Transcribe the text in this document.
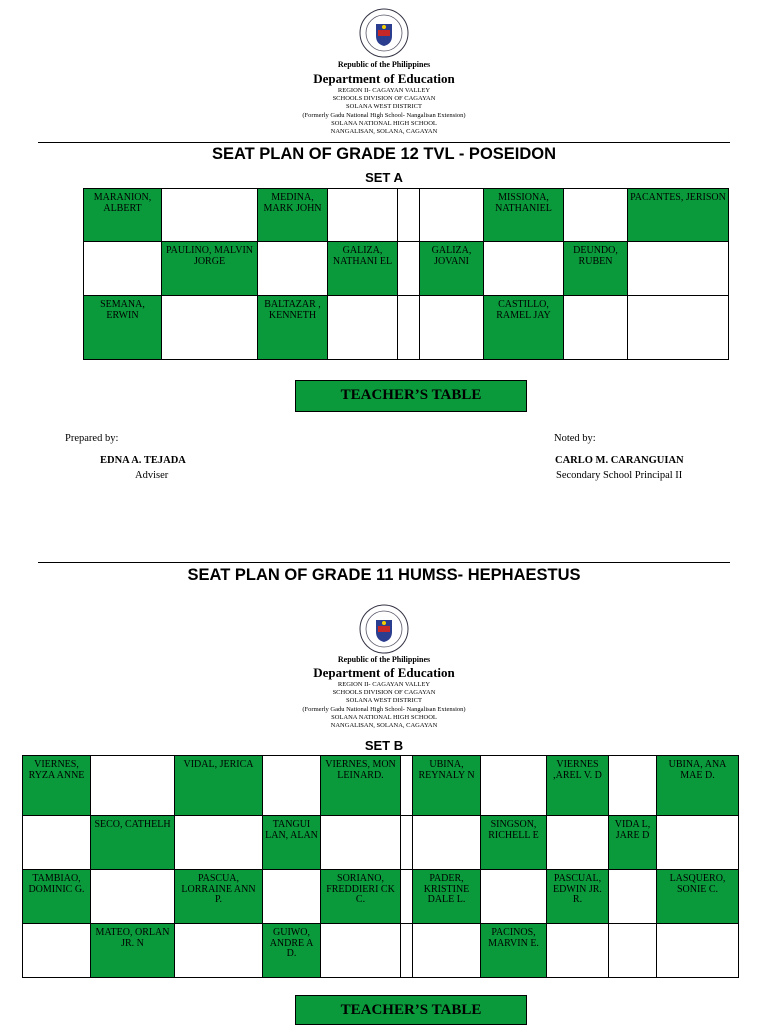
Republic of the Philippines
Department of Education
REGION II- CAGAYAN VALLEY
SCHOOLS DIVISION OF CAGAYAN
SOLANA WEST DISTRICT
(Formerly Gadu National High School- Nangalisan Extension)
SOLANA NATIONAL HIGH SCHOOL
NANGALISAN, SOLANA, CAGAYAN
SEAT PLAN OF GRADE 12 TVL - POSEIDON
SET A
MARANION, ALBERT		MEDINA, MARK JOHN				MISSIONA, NATHANIEL		PACANTES, JERISON

	PAULINO, MALVIN JORGE		GALIZA, NATHANI EL		GALIZA, JOVANI		DEUNDO, RUBEN	

SEMANA, ERWIN		BALTAZAR , KENNETH				CASTILLO, RAMEL JAY		

TEACHER’S TABLE
Prepared by:
EDNA A. TEJADA
Adviser
Noted by:
CARLO M. CARANGUIAN
Secondary School Principal II
SEAT PLAN OF GRADE 11 HUMSS- HEPHAESTUS
Republic of the Philippines
Department of Education
REGION II- CAGAYAN VALLEY
SCHOOLS DIVISION OF CAGAYAN
SOLANA WEST DISTRICT
(Formerly Gadu National High School- Nangalisan Extension)
SOLANA NATIONAL HIGH SCHOOL
NANGALISAN, SOLANA, CAGAYAN
SET B
VIERNES, RYZA ANNE		VIDAL, JERICA		VIERNES, MON LEINARD.		UBINA, REYNALY N		VIERNES ,AREL V. D		UBINA, ANA MAE D.

	SECO, CATHELH		TANGUI LAN, ALAN				SINGSON, RICHELL E		VIDA L, JARE D	

TAMBIAO, DOMINIC G.		PASCUA, LORRAINE ANN P.		SORIANO, FREDDIERI CK C.		PADER, KRISTINE DALE L.		PASCUAL, EDWIN JR. R.		LASQUERO, SONIE C.

	MATEO, ORLAN JR. N		GUIWO, ANDRE A D.				PACINOS, MARVIN E.			

TEACHER’S TABLE
